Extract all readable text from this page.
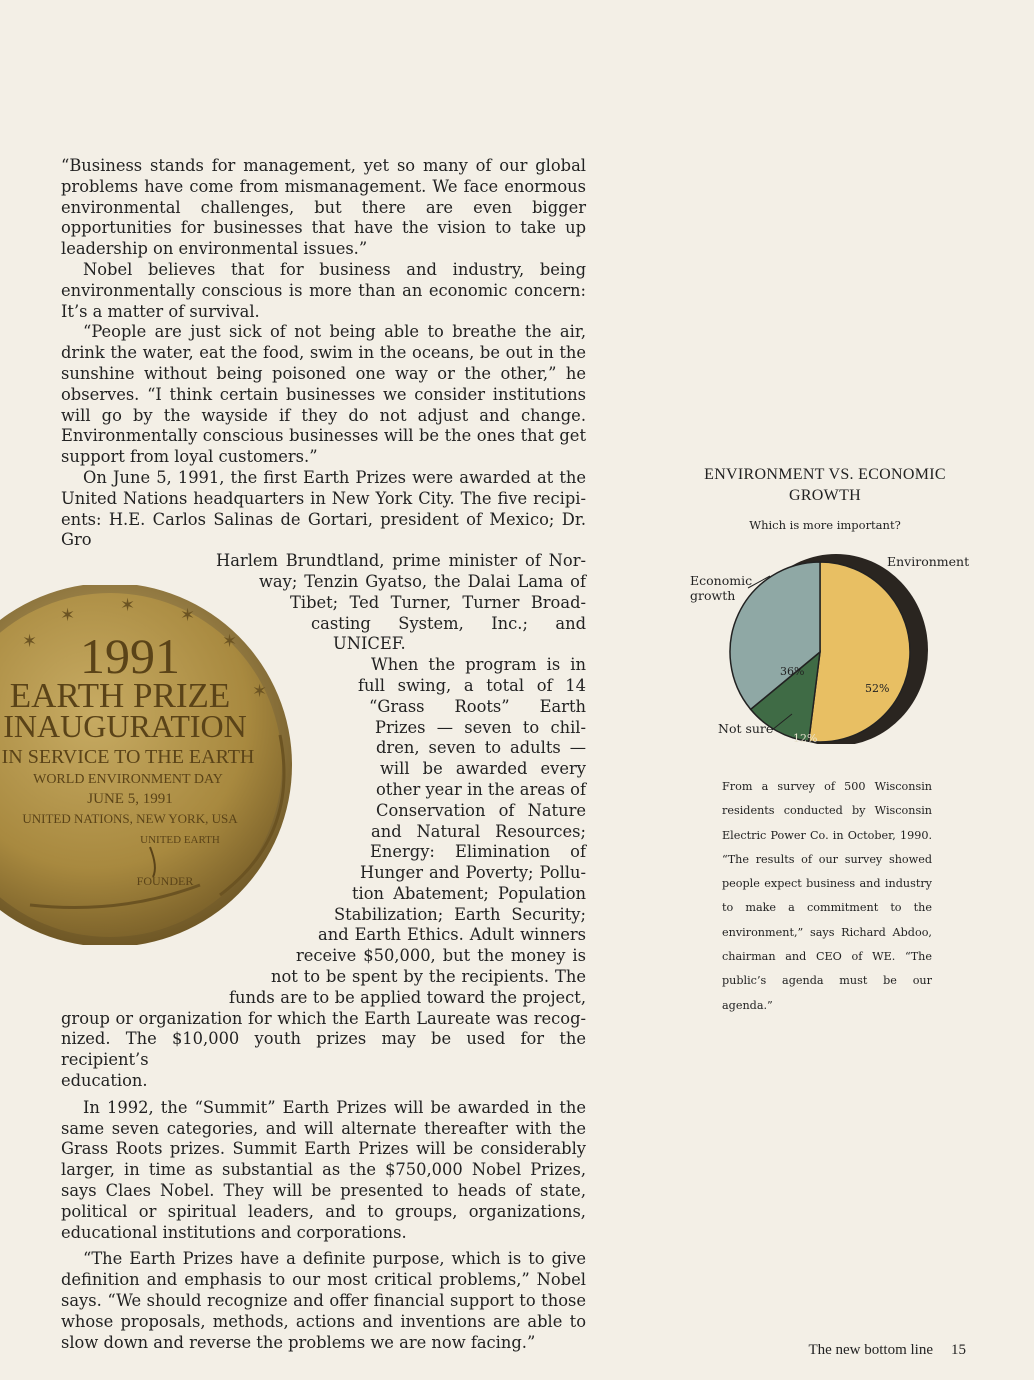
“Business stands for management, yet so many of our global problems have come from mismanagement. We face enormous environmental challenges, but there are even bigger opportunities for businesses that have the vision to take up leadership on environmental issues.”

Nobel believes that for business and industry, being environmentally conscious is more than an economic concern: It’s a matter of survival.

“People are just sick of not being able to breathe the air, drink the water, eat the food, swim in the oceans, be out in the sunshine without being poisoned one way or the other,” he observes. “I think certain businesses we consider institutions will go by the wayside if they do not adjust and change. Environmentally conscious businesses will be the ones that get support from loyal customers.”

On June 5, 1991, the first Earth Prizes were awarded at the
United Nations headquarters in New York City. The five recipi-
ents: H.E. Carlos Salinas de Gortari, president of Mexico; Dr. Gro
Harlem Brundtland, prime minister of Nor-
way; Tenzin Gyatso, the Dalai Lama of
Tibet; Ted Turner, Turner Broad-
casting System, Inc.; and
UNICEF.
When the program is in
full swing, a total of 14
“Grass Roots” Earth
Prizes — seven to chil-
dren, seven to adults —
will be awarded every
other year in the areas of
Conservation of Nature
and Natural Resources;
Energy: Elimination of
Hunger and Poverty; Pollu-
tion Abatement; Population
Stabilization; Earth Security;
and Earth Ethics. Adult winners
receive $50,000, but the money is
not to be spent by the recipients. The
funds are to be applied toward the project,
group or organization for which the Earth Laureate was recog-
nized. The $10,000 youth prizes may be used for the recipient’s
education.

In 1992, the “Summit” Earth Prizes will be awarded in the same seven categories, and will alternate thereafter with the Grass Roots prizes. Summit Earth Prizes will be considerably larger, in time as substantial as the $750,000 Nobel Prizes, says Claes Nobel. They will be presented to heads of state, political or spiritual leaders, and to groups, organizations, educational institutions and corporations.

“The Earth Prizes have a definite purpose, which is to give definition and emphasis to our most critical problems,” Nobel says. “We should recognize and offer financial support to those whose proposals, methods, actions and inventions are able to slow down and reverse the problems we are now facing.”

✶ ✶ ✶
✶	✶
✶
1991
EARTH PRIZE
INAUGURATION
IN SERVICE TO THE EARTH
WORLD ENVIRONMENT DAY
JUNE 5, 1991
UNITED NATIONS, NEW YORK, USA
UNITED EARTH
FOUNDER
ENVIRONMENT VS. ECONOMIC GROWTH
Which is more important?
52%
12%
36%
Environment
Not sure
Economic
growth

From a survey of 500 Wisconsin residents conducted by Wisconsin Electric Power Co. in October, 1990. “The results of our survey showed people expect business and industry to make a commitment to the environment,” says Richard Abdoo, chairman and CEO of WE. “The public’s agenda must be our agenda.”

The new bottom line 15
